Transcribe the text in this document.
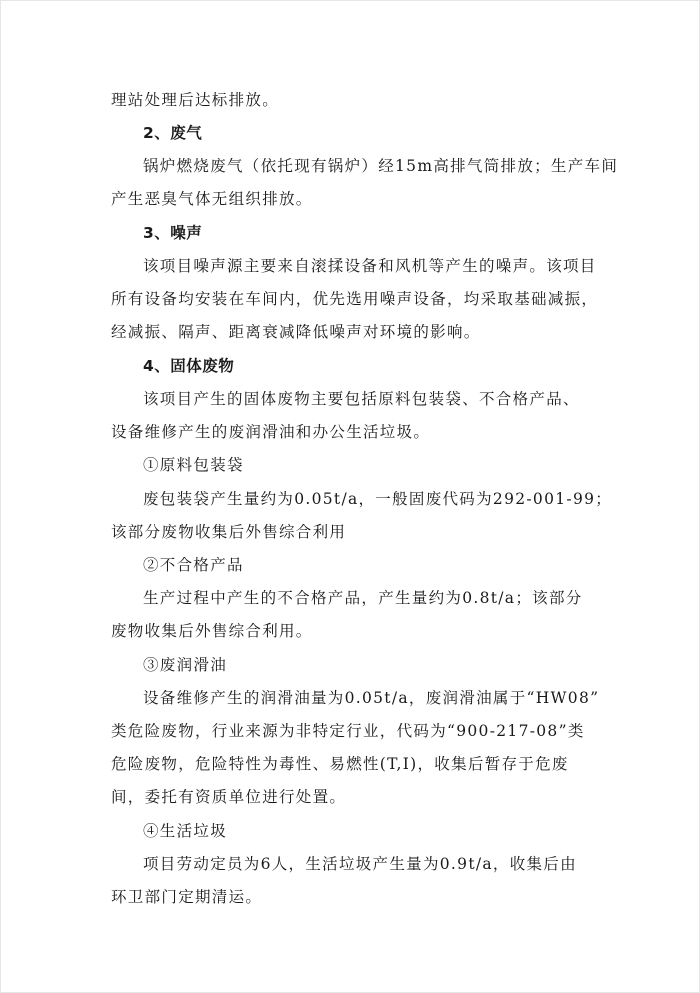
理站处理后达标排放。
2、废气
锅炉燃烧废气（依托现有锅炉）经15m高排气筒排放；生产车间
产生恶臭气体无组织排放。
3、噪声
该项目噪声源主要来自滚揉设备和风机等产生的噪声。该项目
所有设备均安装在车间内，优先选用噪声设备，均采取基础减振，
经减振、隔声、距离衰减降低噪声对环境的影响。
4、固体废物
该项目产生的固体废物主要包括原料包装袋、不合格产品、
设备维修产生的废润滑油和办公生活垃圾。
①原料包装袋
废包装袋产生量约为0.05t/a，一般固废代码为292-001-99；
该部分废物收集后外售综合利用
②不合格产品
生产过程中产生的不合格产品，产生量约为0.8t/a；该部分
废物收集后外售综合利用。
③废润滑油
设备维修产生的润滑油量为0.05t/a，废润滑油属于“HW08”
类危险废物，行业来源为非特定行业，代码为“900-217-08”类
危险废物，危险特性为毒性、易燃性(T,I)，收集后暂存于危废
间，委托有资质单位进行处置。
④生活垃圾
项目劳动定员为6人，生活垃圾产生量为0.9t/a，收集后由
环卫部门定期清运。
